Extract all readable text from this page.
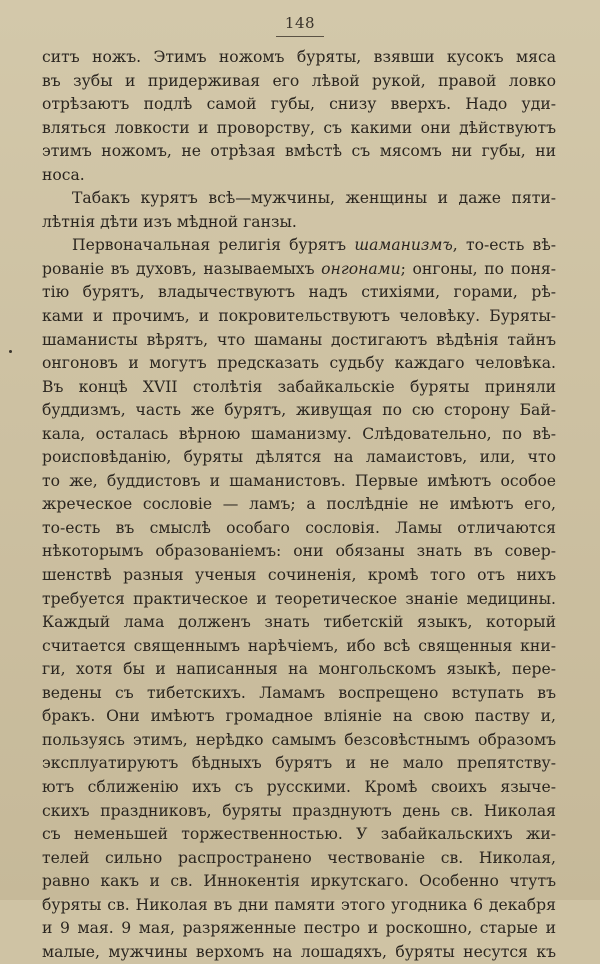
148
ситъ ножъ. Этимъ ножомъ буряты, взявши кусокъ мяса
въ зубы и придерживая его лѣвой рукой, правой ловко
отрѣзаютъ подлѣ самой губы, снизу вверхъ. Надо уди-
вляться ловкости и проворству, съ какими они дѣйствуютъ
этимъ ножомъ, не отрѣзая вмѣстѣ съ мясомъ ни губы, ни
носа.
Табакъ курятъ всѣ—мужчины, женщины и даже пяти-
лѣтнія дѣти изъ мѣдной ганзы.
Первоначальная религія бурятъ шаманизмъ, то-есть вѣ-
рованіе въ духовъ, называемыхъ онгонами; онгоны, по поня-
тію бурятъ, владычествуютъ надъ стихіями, горами, рѣ-
ками и прочимъ, и покровительствуютъ человѣку. Буряты-
шаманисты вѣрятъ, что шаманы достигаютъ вѣдѣнія тайнъ
онгоновъ и могутъ предсказать судьбу каждаго человѣка.
Въ концѣ XVII столѣтія забайкальскіе буряты приняли
буддизмъ, часть же бурятъ, живущая по сю сторону Бай-
кала, осталась вѣрною шаманизму. Слѣдовательно, по вѣ-
роисповѣданію, буряты дѣлятся на ламаистовъ, или, что
то же, буддистовъ и шаманистовъ. Первые имѣютъ особое
жреческое сословіе — ламъ; а послѣдніе не имѣютъ его,
то-есть въ смыслѣ особаго сословія. Ламы отличаются
нѣкоторымъ образованіемъ: они обязаны знать въ совер-
шенствѣ разныя ученыя сочиненія, кромѣ того отъ нихъ
требуется практическое и теоретическое знаніе медицины.
Каждый лама долженъ знать тибетскій языкъ, который
считается священнымъ нарѣчіемъ, ибо всѣ священныя кни-
ги, хотя бы и написанныя на монгольскомъ языкѣ, пере-
ведены съ тибетскихъ. Ламамъ воспрещено вступать въ
бракъ. Они имѣютъ громадное вліяніе на свою паству и,
пользуясь этимъ, нерѣдко самымъ безсовѣстнымъ образомъ
эксплуатируютъ бѣдныхъ бурятъ и не мало препятству-
ютъ сближенію ихъ съ русскими. Кромѣ своихъ языче-
скихъ праздниковъ, буряты празднуютъ день св. Николая
съ неменьшей торжественностью. У забайкальскихъ жи-
телей сильно распространено чествованіе св. Николая,
равно какъ и св. Иннокентія иркутскаго. Особенно чтутъ
буряты св. Николая въ дни памяти этого угодника 6 декабря
и 9 мая. 9 мая, разряженные пестро и роскошно, старые и
малые, мужчины верхомъ на лошадяхъ, буряты несутся къ
